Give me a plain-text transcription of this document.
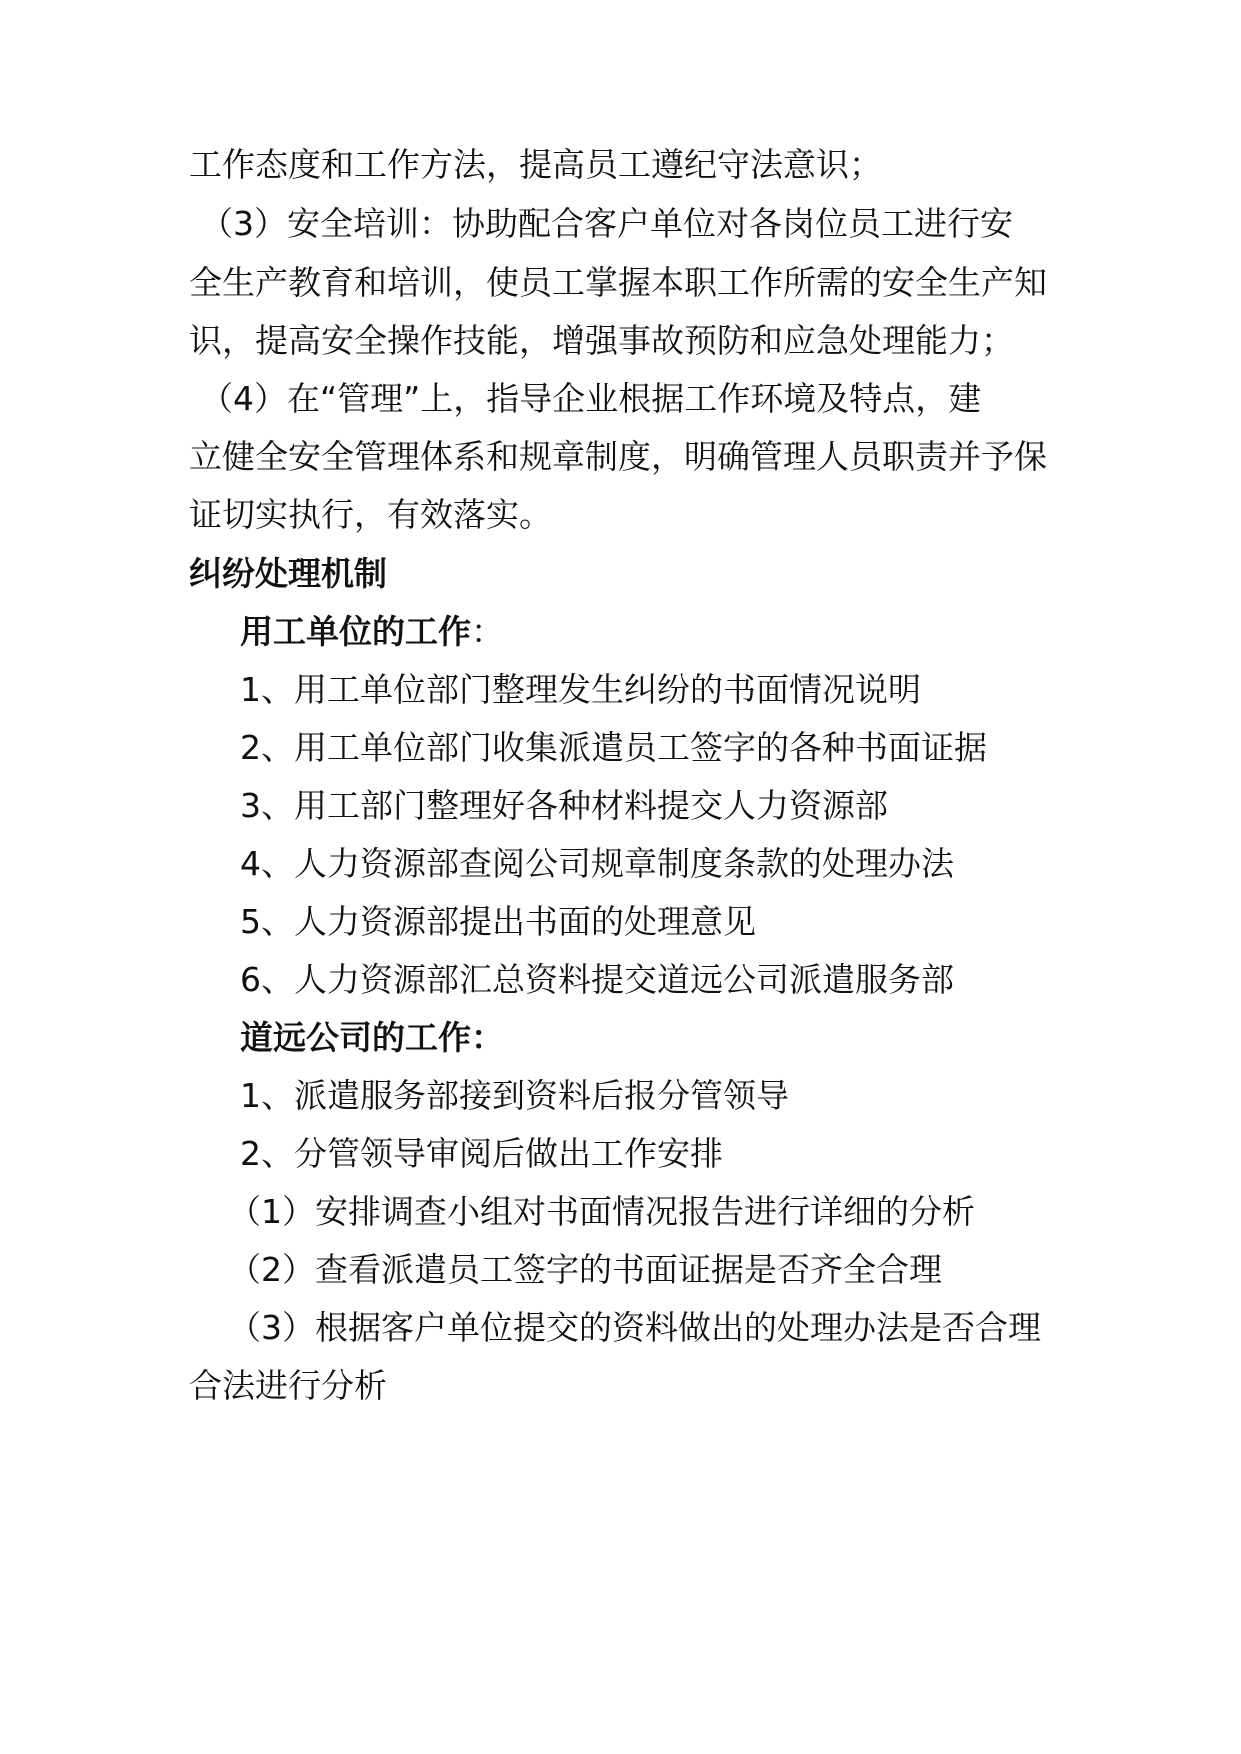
工作态度和工作方法，提高员工遵纪守法意识；
（3）安全培训：协助配合客户单位对各岗位员工进行安
全生产教育和培训，使员工掌握本职工作所需的安全生产知
识，提高安全操作技能，增强事故预防和应急处理能力；
（4）在“管理”上，指导企业根据工作环境及特点，建
立健全安全管理体系和规章制度，明确管理人员职责并予保
证切实执行，有效落实。
纠纷处理机制
用工单位的工作：
1、用工单位部门整理发生纠纷的书面情况说明
2、用工单位部门收集派遣员工签字的各种书面证据
3、用工部门整理好各种材料提交人力资源部
4、人力资源部查阅公司规章制度条款的处理办法
5、人力资源部提出书面的处理意见
6、人力资源部汇总资料提交道远公司派遣服务部
道远公司的工作：
1、派遣服务部接到资料后报分管领导
2、分管领导审阅后做出工作安排
（1）安排调查小组对书面情况报告进行详细的分析
（2）查看派遣员工签字的书面证据是否齐全合理
（3）根据客户单位提交的资料做出的处理办法是否合理
合法进行分析
